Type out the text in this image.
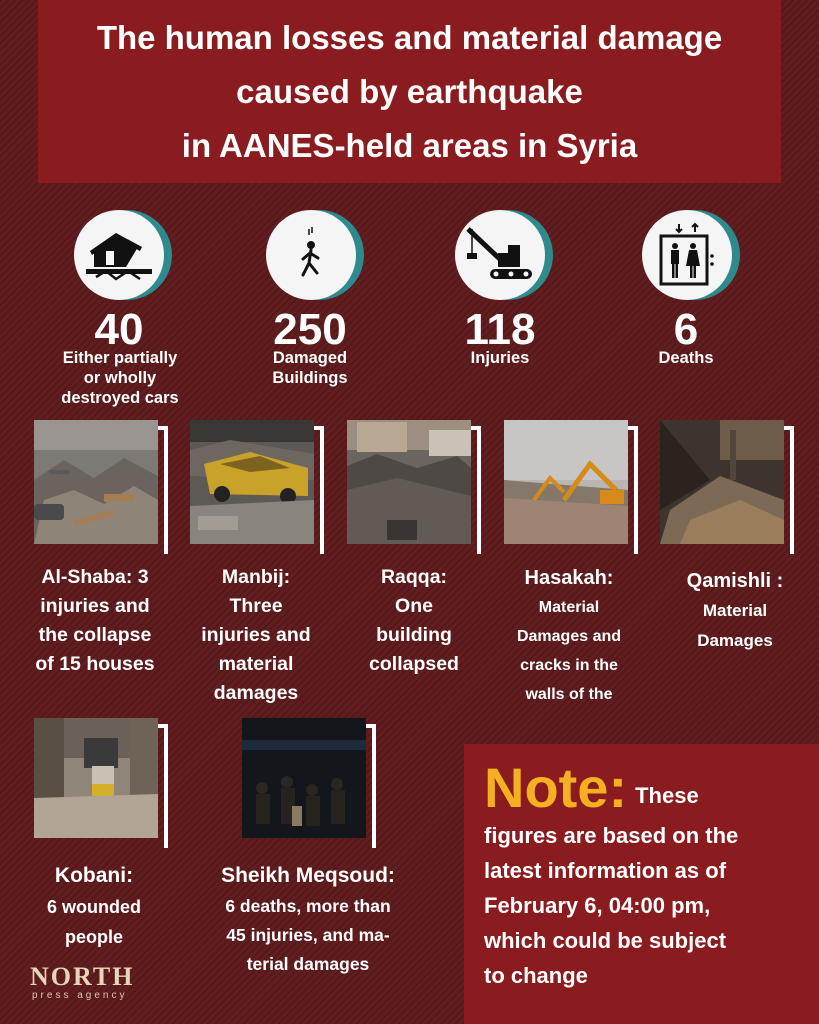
The human losses and material damage
caused by earthquake
in AANES-held areas in Syria
40
Either partially
or wholly
destroyed cars
250
Damaged
Buildings
118
Injuries
6
Deaths
Al-Shaba: 3
injuries and
the collapse
of 15 houses
Manbij:
Three
injuries and
material
damages
Raqqa:
One
building
collapsed
Hasakah:
Material
Damages and
cracks in the
walls of the
Qamishli :
Material
Damages
Kobani:
6 wounded
people
Sheikh Meqsoud:
6 deaths, more than
45 injuries, and ma-
terial damages
NORTH
press agency
Note: These
figures are based on the
latest information as of
February 6, 04:00 pm,
which could be subject
to change
